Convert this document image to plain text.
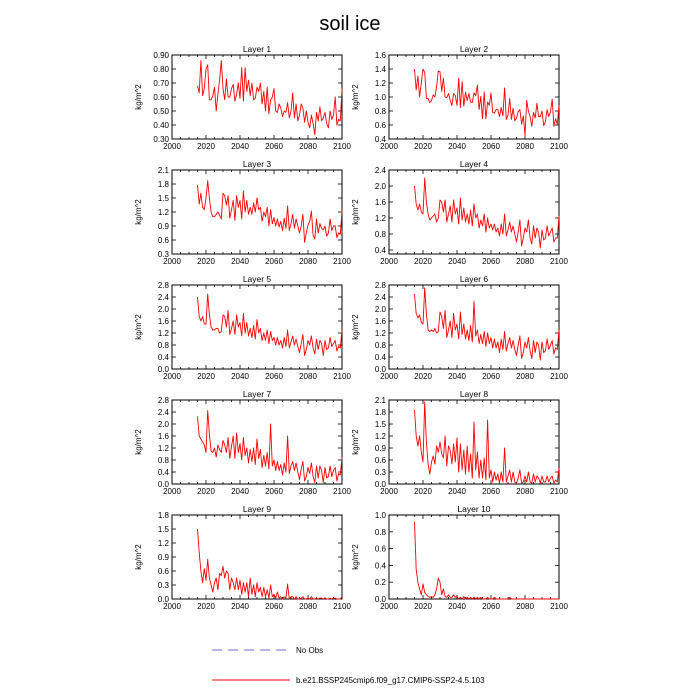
soil ice
Layer 1
kg/m^2
2000 2020 2040 2060 2080 2100
0.30
0.40
0.50
0.60
0.70
0.80
0.90
Layer 2
kg/m^2
2000 2020 2040 2060 2080 2100
0.4
0.6
0.8
1.0
1.2
1.4
1.6
Layer 3
kg/m^2
2000 2020 2040 2060 2080 2100
0.3
0.6
0.9
1.2
1.5
1.8
2.1
Layer 4
kg/m^2
2000 2020 2040 2060 2080 2100
0.4
0.8
1.2
1.6
2.0
2.4
Layer 5
kg/m^2
2000 2020 2040 2060 2080 2100
0.0
0.4
0.8
1.2
1.6
2.0
2.4
2.8
Layer 6
kg/m^2
2000 2020 2040 2060 2080 2100
0.0
0.4
0.8
1.2
1.6
2.0
2.4
2.8
Layer 7
kg/m^2
2000 2020 2040 2060 2080 2100
0.0
0.4
0.8
1.2
1.6
2.0
2.4
2.8
Layer 8
kg/m^2
2000 2020 2040 2060 2080 2100
0.0
0.3
0.6
0.9
1.2
1.5
1.8
2.1
Layer 9
kg/m^2
2000 2020 2040 2060 2080 2100
0.0
0.3
0.6
0.9
1.2
1.5
1.8
Layer 10
kg/m^2
2000 2020 2040 2060 2080 2100
0.0
0.2
0.4
0.6
0.8
1.0
No Obs
b.e21.BSSP245cmip6.f09_g17.CMIP6-SSP2-4.5.103
